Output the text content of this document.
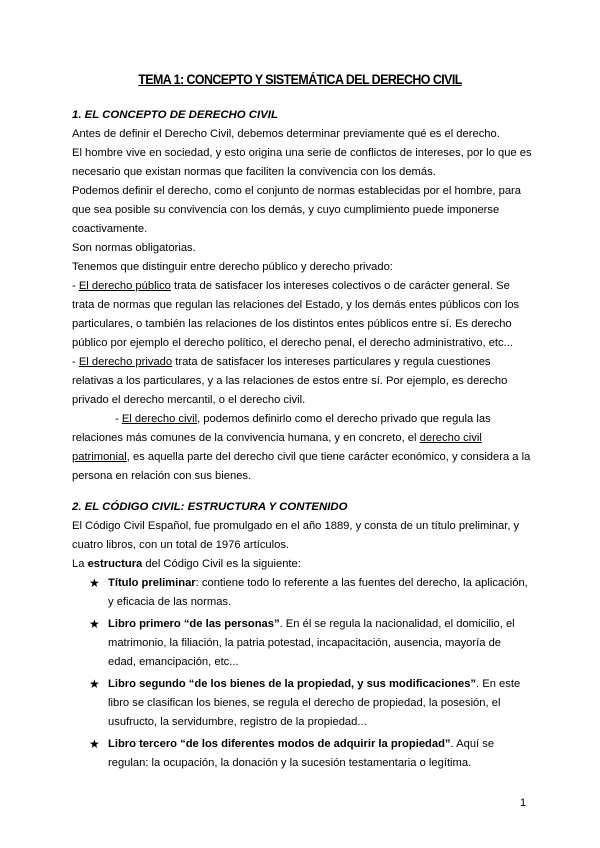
TEMA 1: CONCEPTO Y SISTEMÁTICA DEL DERECHO CIVIL

1. EL CONCEPTO DE DERECHO CIVIL

Antes de definir el Derecho Civil, debemos determinar previamente qué es el derecho.

El hombre vive en sociedad, y esto origina una serie de conflictos de intereses, por lo que es necesario que existan normas que faciliten la convivencia con los demás.

Podemos definir el derecho, como el conjunto de normas establecidas por el hombre, para que sea posible su convivencia con los demás, y cuyo cumplimiento puede imponerse coactivamente.

Son normas obligatorias.

Tenemos que distinguir entre derecho público y derecho privado:

- El derecho público trata de satisfacer los intereses colectivos o de carácter general. Se trata de normas que regulan las relaciones del Estado, y los demás entes públicos con los particulares, o también las relaciones de los distintos entes públicos entre sí. Es derecho público por ejemplo el derecho político, el derecho penal, el derecho administrativo, etc...

- El derecho privado trata de satisfacer los intereses particulares y regula cuestiones relativas a los particulares, y a las relaciones de estos entre sí. Por ejemplo, es derecho privado el derecho mercantil, o el derecho civil.

- El derecho civil, podemos definirlo como el derecho privado que regula las relaciones más comunes de la convivencia humana, y en concreto, el derecho civil patrimonial, es aquella parte del derecho civil que tiene carácter económico, y considera a la persona en relación con sus bienes.

2. EL CÓDIGO CIVIL: ESTRUCTURA Y CONTENIDO

El Código Civil Español, fue promulgado en el año 1889, y consta de un título preliminar, y cuatro libros, con un total de 1976 artículos.

La estructura del Código Civil es la siguiente:

★ Título preliminar: contiene todo lo referente a las fuentes del derecho, la aplicación, y eficacia de las normas.
★ Libro primero “de las personas”. En él se regula la nacionalidad, el domicilio, el matrimonio, la filiación, la patria potestad, incapacitación, ausencia, mayoría de edad, emancipación, etc...
★ Libro segundo “de los bienes de la propiedad, y sus modificaciones”. En este libro se clasifican los bienes, se regula el derecho de propiedad, la posesión, el usufructo, la servidumbre, registro de la propiedad...
★ Libro tercero “de los diferentes modos de adquirir la propiedad”. Aquí se regulan: la ocupación, la donación y la sucesión testamentaria o legítima.
1
